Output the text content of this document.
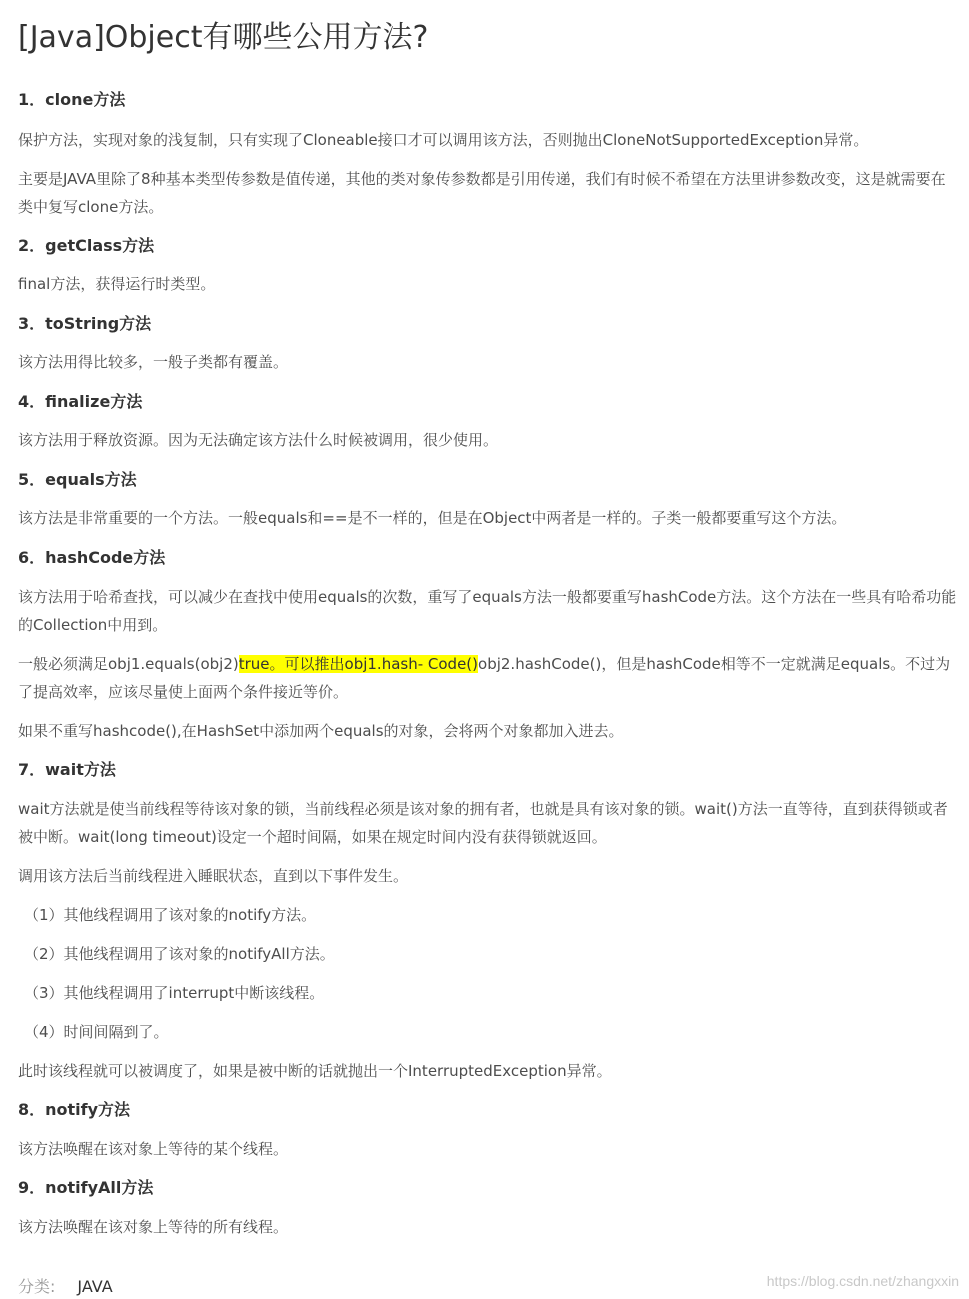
[Java]Object有哪些公用方法?
1．clone方法
保护方法，实现对象的浅复制，只有实现了Cloneable接口才可以调用该方法，否则抛出CloneNotSupportedException异常。
主要是JAVA里除了8种基本类型传参数是值传递，其他的类对象传参数都是引用传递，我们有时候不希望在方法里讲参数改变，这是就需要在类中复写clone方法。
2．getClass方法
final方法，获得运行时类型。
3．toString方法
该方法用得比较多，一般子类都有覆盖。
4．finalize方法
该方法用于释放资源。因为无法确定该方法什么时候被调用，很少使用。
5．equals方法
该方法是非常重要的一个方法。一般equals和==是不一样的，但是在Object中两者是一样的。子类一般都要重写这个方法。
6．hashCode方法
该方法用于哈希查找，可以减少在查找中使用equals的次数，重写了equals方法一般都要重写hashCode方法。这个方法在一些具有哈希功能的Collection中用到。
一般必须满足obj1.equals(obj2)true。可以推出obj1.hash- Code()obj2.hashCode()，但是hashCode相等不一定就满足equals。不过为了提高效率，应该尽量使上面两个条件接近等价。
如果不重写hashcode(),在HashSet中添加两个equals的对象，会将两个对象都加入进去。
7．wait方法
wait方法就是使当前线程等待该对象的锁，当前线程必须是该对象的拥有者，也就是具有该对象的锁。wait()方法一直等待，直到获得锁或者被中断。wait(long timeout)设定一个超时间隔，如果在规定时间内没有获得锁就返回。
调用该方法后当前线程进入睡眠状态，直到以下事件发生。
（1）其他线程调用了该对象的notify方法。
（2）其他线程调用了该对象的notifyAll方法。
（3）其他线程调用了interrupt中断该线程。
（4）时间间隔到了。
此时该线程就可以被调度了，如果是被中断的话就抛出一个InterruptedException异常。
8．notify方法
该方法唤醒在该对象上等待的某个线程。
9．notifyAll方法
该方法唤醒在该对象上等待的所有线程。
分类: JAVA	https://blog.csdn.net/zhangxxin
